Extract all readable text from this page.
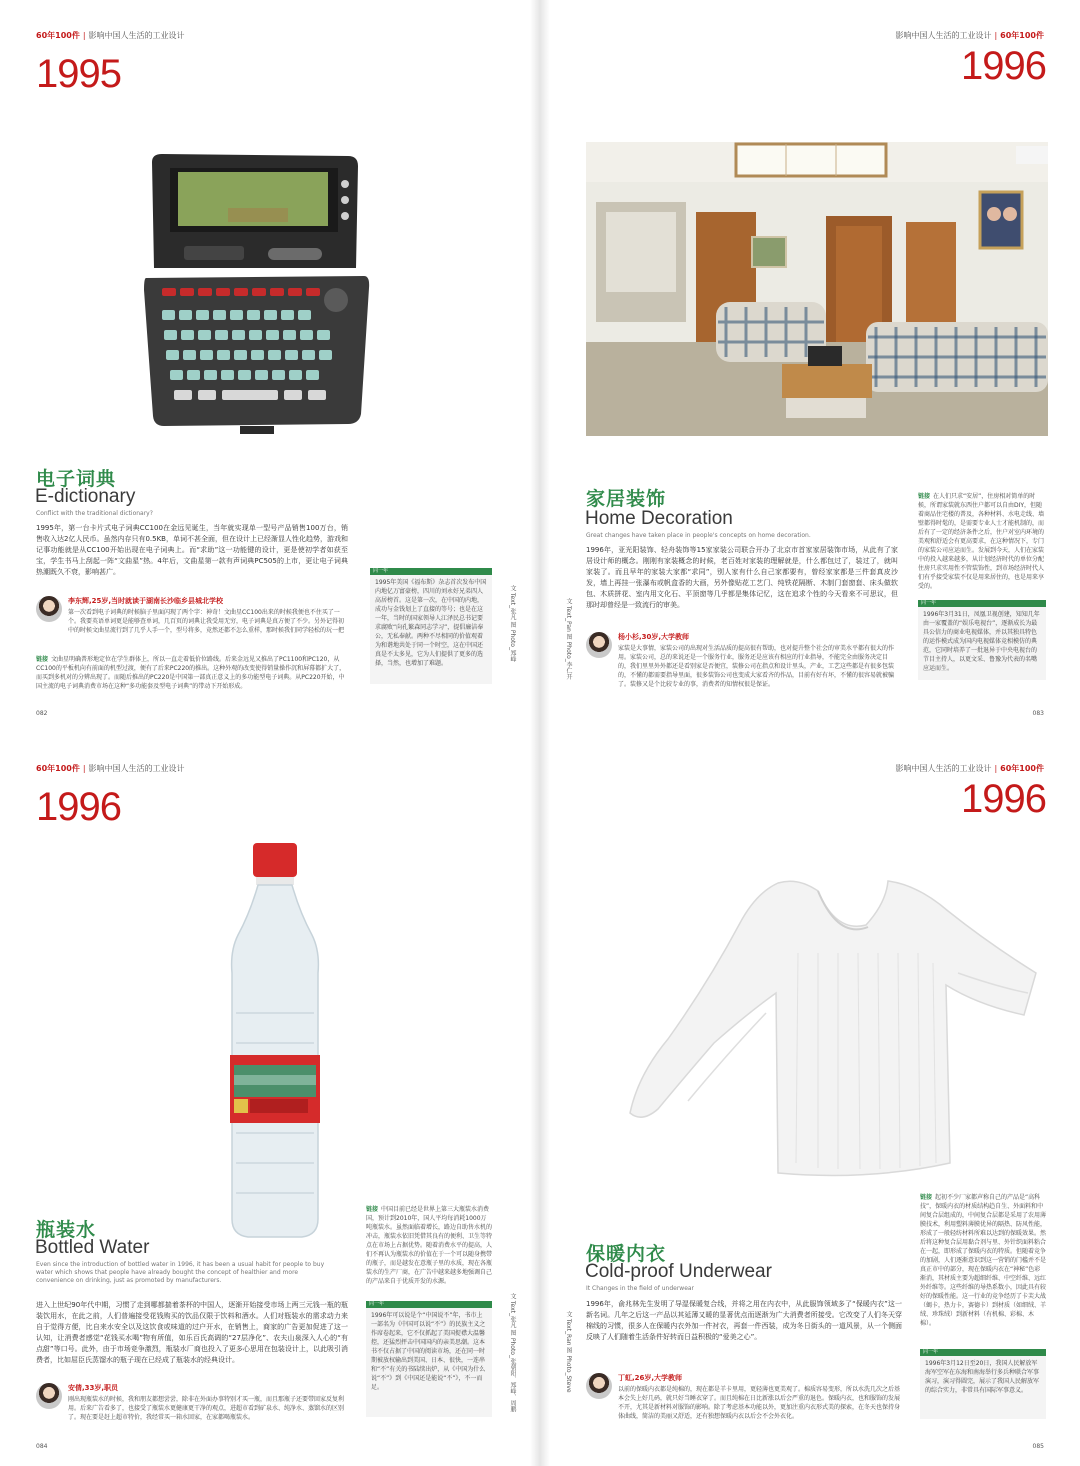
60年100件 | 影响中国人生活的工业设计
1995
电子词典
E-dictionary
Conflict with the traditional dictionary?
1995年，第一台卡片式电子词典CC100在金远见诞生，当年就实现单一型号产品销售100万台，销售收入达2亿人民币。虽然内存只有0.5KB，单词不甚全面，但在设计上已经渐显人性化趋势，游戏和记事功能就是从CC100开始出现在电子词典上。而“求助”这一功能键的设计，更是使初学者如获至宝，学生书马上刮起一阵“文曲星”热。4年后，文曲星第一款有声词典PC505的上市，更让电子词典热潮既久不衰，影响甚广。
李东辉,25岁,当时就读于湖南长沙临乡县城北学校
第一次看到电子词典的时候脑子里面闪现了两个字：神奇！文曲星CC100出来的时候我便也不住买了一个。我要英语单词更是能够查单词，几百页的词典让我受用无穷，电子词典是真方便了不少。另外记得初中的时候文曲星流行到了几乎人手一个，型号将多，竟然还都不怎么重样，那时候我们同学轻松的玩一把
链接 文曲星明确普形地定位在学生群体上，所以一直走着低价位路线。后来金远见又推出了PC1100和PC120，从CC100的平板机向有前面的机型过渡，便有了后来PC220的推出。这种外观的改变使得销量操作沉和屏幕都扩大了，而买到多机对的分辨出现了。而随后推出的PC220是中国第一部真正意义上的多功能型电子词典。从PC220开始，中国主流的电子词典消费市场在这种“多功能套及型电子词典”的带动下开始形成。
$^{同一年}$
1995年美国《福布斯》杂志首次发布中国内地亿万富豪榜，四川的刘永好兄弟四人高居榜首。这是第一次，在中国的内地，成功与金钱划上了直接的等号；也是在这一年，当时的国家领导人江泽民总书记要求腐败“向孔繁森同志学习”，提倡廉洁奉公，无私奉献。两种不尽相同的价值观着为和谐地共处于同一个时空，这在中国还真是不太多见，它为人们提供了更多的选择，当然，也增加了难题。
文 Text_张凡 图 Photo_郑峰
082
影响中国人生活的工业设计 | 60年100件
1996
家居装饰
Home Decoration
Great changes have taken place in people's concepts on home decoration.
1996年，亚光阳装饰、轻舟装饰等15家家装公司联合开办了北京市首家家居装饰市场，从此有了家居设计师的概念。刚刚有家装概念的时候，老百姓对家装的理解就是，什么都包过了，装过了，就叫家装了。而且早年的家装大家都“求同”，别人家有什么自己家都要有，曾经家家都是三件套真皮沙发，墙上再挂一张瀑布或帆盒香的大画，另外像贴花工艺门、纯铁花隔断、木制门套窗套、床头做软包、木质拼花、室内用文化石、平顶窗等几乎都是集体记忆，这在追求个性的今天看来不可思议，但那时却曾经是一致流行的审美。
杨小杉,30岁,大学教师
家装是大事情，家装公司的出现对生活品质的提高很有帮助，也对提升整个社会的审美水平都有很大的作用。家装公司，总的来说还是一个服务行业，服务还是应该有相应的行业指导，不能完全由服务决定目的，我们里里外外都还是看别家是否便宜，装修公司在指点和设计里头，产业，工艺这些都是有很多包装的，不懂的都需要指导里面，很多装饰公司也变成大家看齐的作品，目前有好有坏，不懂的很容易就被骗了。装修又是个比较专业的事，消费者的知情权很是保证。
文 Text_Pan 图 Photo_李仁开
链接 在人们只求“安居”，住房相对简单的时候，所谓家装就东西住户都可以自由DIY，但随着商品住宅楼的普及，各种材料、水电走线、墙壁都得时髦的，是需要专业人士才能机制的，而后有了一定的经济条件之后，住户对室内环境的美观和舒适会有更高要求，在这种情况下，专门的家装公司应运而生。发展到今天，人们在家装中的投入越来越多，从计划经济时代的单位分配住房只求实用性不管装饰性，到市场经济时代人们有乎接受家装不仅是用来居住的，也是用来享受的。
$^{同一年}$
1996年3月31日，凤凰卫视创建，知知几年由一家覆盖的“娱乐电视台”，逐渐成长为最具公信力的商业电视媒体，并以其独具特色的运作模式成为国内电视媒体竞相模仿的典范，它同时培养了一批退异于中央电视台的节目主持人，以更文采、鲁豫为代表的名嘴应运而生。
083
60年100件 | 影响中国人生活的工业设计
1996
瓶装水
Bottled Water
Even since the introduction of bottled water in 1996, it has been a usual habit for people to buy water which shows that people have already bought the concept of healthier and more convenience on drinking, just as promoted by manufacturers.
进入上世纪90年代中期，习惯了走到哪都揣着茶杯的中国人，逐渐开始接受市场上两三元钱一瓶的瓶装饮用水，在此之前，人们普遍接受花钱购买的饮品仅限于饮料和酒水。人们对瓶装水的需求动力来自于觉得方便，比自来水安全以及这饮食或味道的过户开水，在销售上，商家的广告更加促进了这一认知，让消费者感觉“花钱买水喝”物有所值，如乐百氏高调的“27层净化”、农夫山泉深入人心的“有点甜”等口号。此外，由于市场竞争激烈，瓶装水厂商也投入了更多心思用在包装设计上，以此吸引消费者，比如屈臣氏蒸馏水的瓶子现在已经成了瓶装水的经典设计。
安倩,33岁,职员
刚出现瓶装水的时候，我和朋友都想尝尝，除非在外面办事特别才买一瓶，而且那瓶子还要带回家反复利用。后来广告看多了，也接受了瓶装水更健康更干净的观点，进超市看到矿泉水、纯净水、蒸馏水的区别了。现在要是赶上超市特价，我经常买一箱水回家，在家都喝瓶装水。
链接 中国目前已经是世界上第三大瓶装水消费国，预计到2010年，国人平均每消耗1000万吨瓶装水。虽然面临着增长，路边自助售水机的冲击，瓶装水依旧凭借其良有的便利、卫生等特点在市场上占据优势。随着消费水平的提高，人们不再认为瓶装水的价值在于一个可以随身携带的瓶子，而是越发在意瓶子里的水质，现在各瓶装水的生产厂商，在广告中越来越多地强调自己的产品来自于优质开发的水源。
$^{同一年}$
1996年可以说是个“中国说不”年，书市上一部名为《中国可以说“不”》的民族主义之作席卷起来，它不仅抓起了美国捉襟大温馨控，还猛烈抨击中国国内的亲美思潮。这本书不仅占据了中国的阅读市场，还在同一时期被放权输出到美国、日本、很快，一连串和“不”有关的书陆续出炉，从《中国为什么说“不”》到《中国还是能说“不”》，不一而足。	文 Text_张凡 图 Photo_张朝阳、郑峰、周鹏
084
影响中国人生活的工业设计 | 60年100件
1996
保暖内衣
Cold-proof Underwear
It Changes in the field of underwear
1996年，俞兆林先生发明了导湿保暖复合线，并将之用在内衣中，从此服饰领域多了“保暖内衣”这一新名词。几年之后这一产品以其延薄又暖的显著优点而逐渐为广大消费者所接受。它改变了人们冬天穿棉线的习惯，很多人在保暖内衣外加一件衬衣，再套一件西装，成为冬日街头的一道风景，从一个侧面反映了人们随着生活条件好转而日益积极的“爱美之心”。
丁虹,26岁,大学教师
以前的保暖内衣都是纯棉的，现在都是羊卡里用，更轻薄也更美观了。棉质容易变形，所以水洗几次之后基本会失上好几码，就只好当睡衣穿了。而且纯棉在日比新涨以后会严重的退色。保暖内衣，也和服饰的发展不开，尤其是新材料对服饰的影响。除了考虑基本功能以外，更加注重内衣形式美的探索，在冬天也保持身体曲线，简洁的美丽又舒适，还有独想保暖内衣以后会不会外衣化。
文 Text_Ran 图 Photo_Steve
链接 起初不少厂家都声称自己的产品是“高科技”，保暖内衣的材质结构趋自生、外面料和中间复合层组成的，中间复合层都是采用了农用薄膜技术，利用塑料薄膜优异的隔热、防风性能，形成了一般轻纺材料所难以达到的保暖效果。然后将这种复合层用黏合剂与里、外针织面料粘合在一起，即形成了保暖内衣的特质。但随着竞争的加剧，人们逐渐意识到这一营销的门槛并不是真正市中的部分，现在保暖内衣在“神秘”色彩渐消，其材质主要为超细纤维、中空纤维、远红外纤维等。这些纤维的导热系数小，因此具有较好的保暖性能。这一行业的竞争经历了卡芙大战（蝎卡，热力卡，赛德卡）到材质（如细绒、羊绒、珍珠绒）到新材料（有机棉、彩棉、木棉）。
$^{同一年}$
1996年3月12日至20日，我国人民解放军海军空军在东海和南海举行多兵种联合军事演习，演习得圆完，展示了我国人民解放军的综合实力，非常具有国际军事意义。
085
